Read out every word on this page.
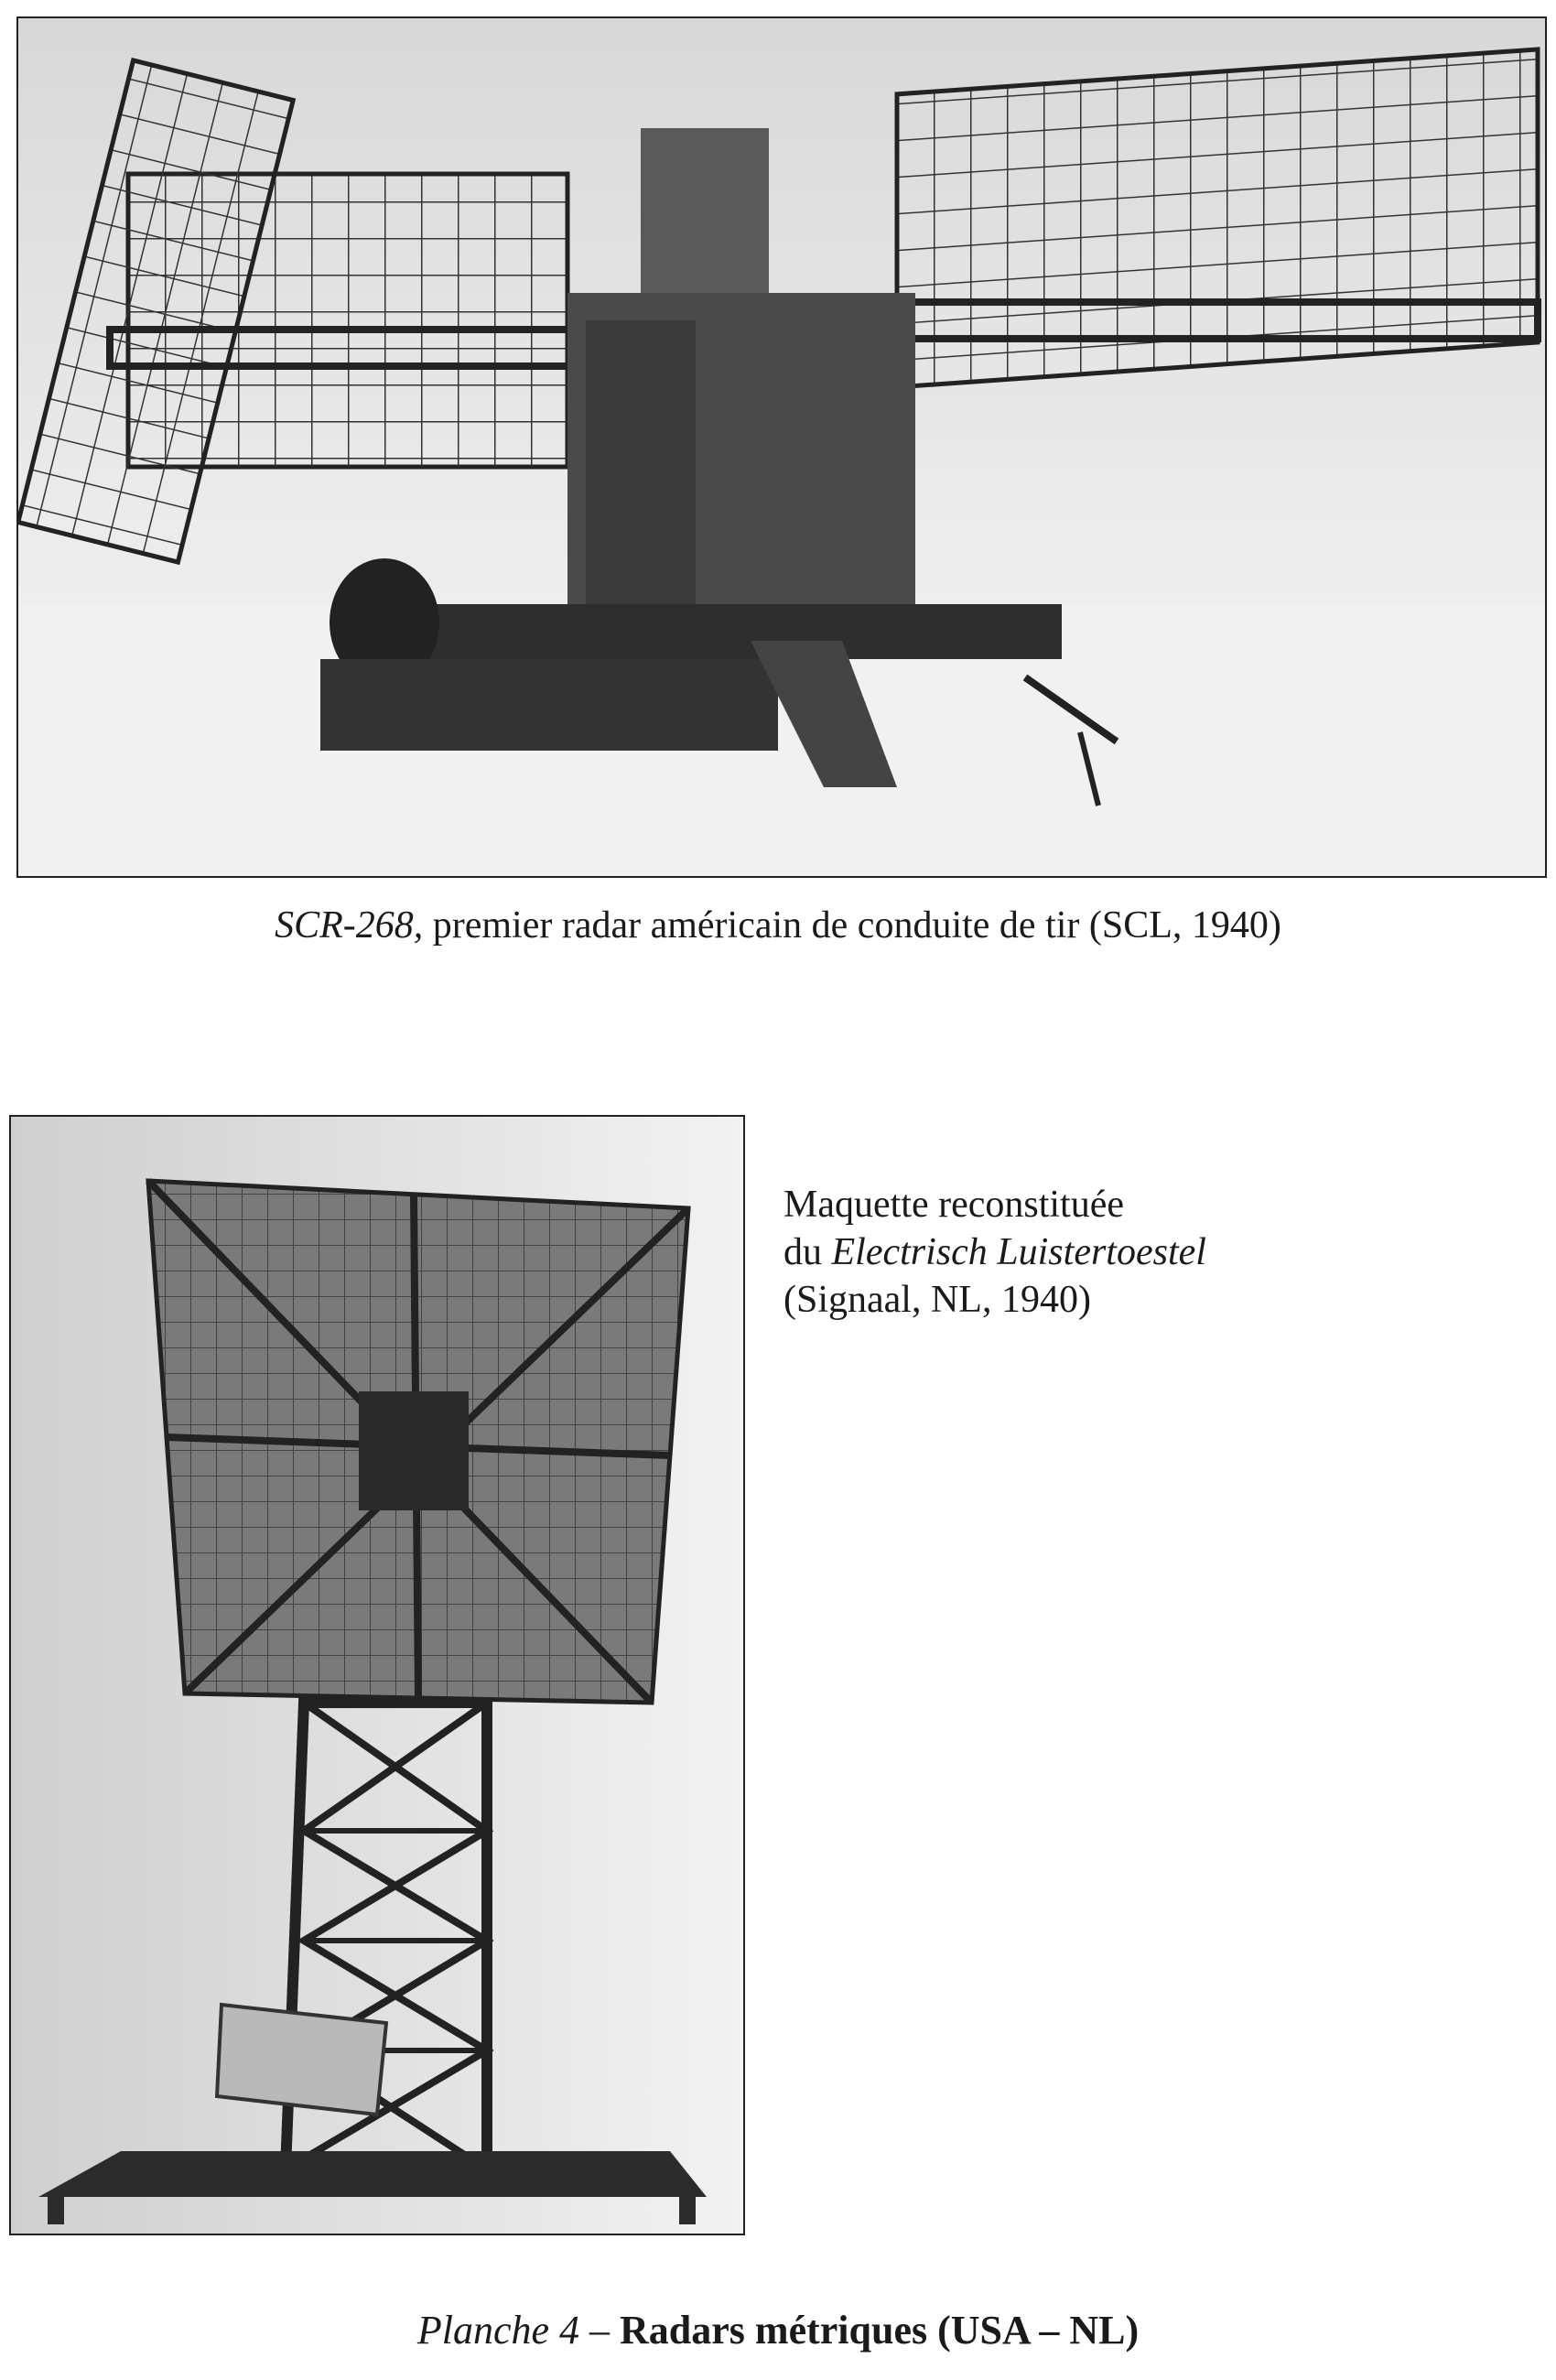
SCR-268, premier radar américain de conduite de tir (SCL, 1940)
Maquette reconstituée
du Electrisch Luistertoestel
(Signaal, NL, 1940)
Planche 4 – Radars métriques (USA – NL)
